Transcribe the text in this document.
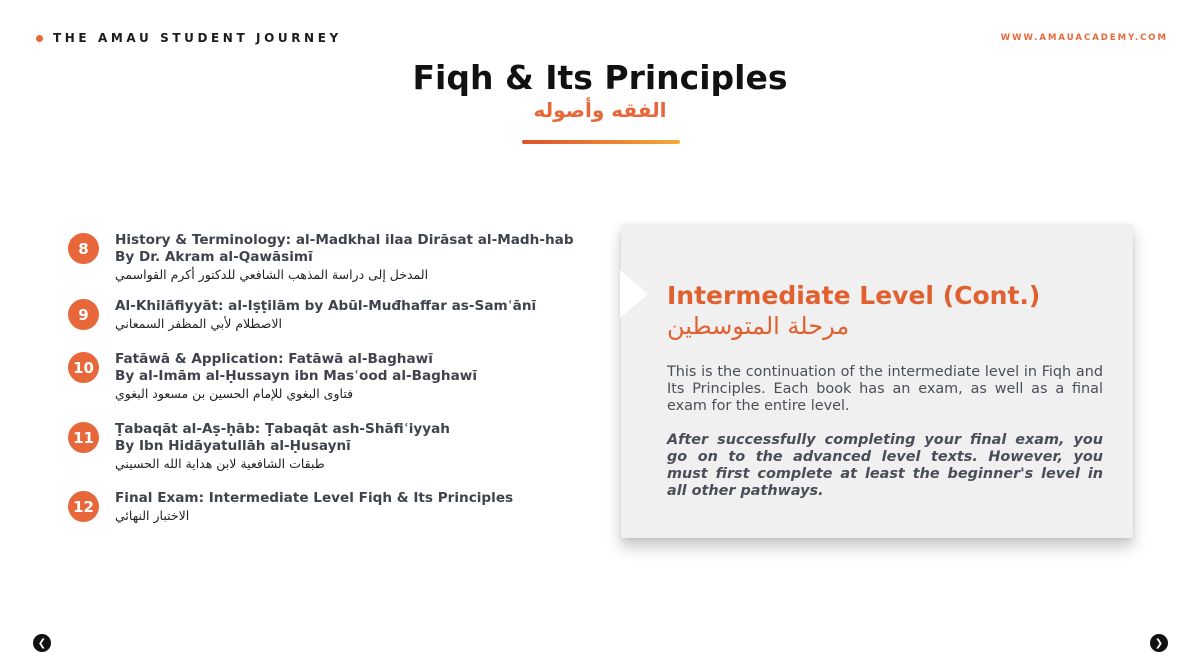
THE AMAU STUDENT JOURNEY	WWW.AMAUACADEMY.COM
Fiqh & Its Principles
الفقه وأصوله
8	History & Terminology: al-Madkhal ilaa Dirāsat al-Madh-hab
By Dr. Akram al-Qawāsimī
المدخل إلى دراسة المذهب الشافعي للدكتور أكرم القواسمي
9	Al-Khilāfiyyāt: al-Iṣṭilām by Abūl-Muđhaffar as-Samʿānī
الاصطلام لأبي المظفر السمعاني
10	Fatāwā & Application: Fatāwā al-Baghawī
By al-Imām al-Ḥussayn ibn Masʿood al-Baghawī
فتاوى البغوي للإمام الحسين بن مسعود البغوي
11	Ṭabaqāt al-Aṣ-ḥāb: Ṭabaqāt ash-Shāfiʿiyyah
By Ibn Hidāyatullāh al-Ḥusaynī
طبقات الشافعية لابن هداية الله الحسيني
12	Final Exam: Intermediate Level Fiqh & Its Principles
الاختبار النهائي
Intermediate Level (Cont.)
مرحلة المتوسطين
This is the continuation of the intermediate level in Fiqh and Its Principles. Each book has an exam, as well as a final exam for the entire level.
After successfully completing your final exam, you go on to the advanced level texts. However, you must first complete at least the beginner's level in all other pathways.
❮	❯
